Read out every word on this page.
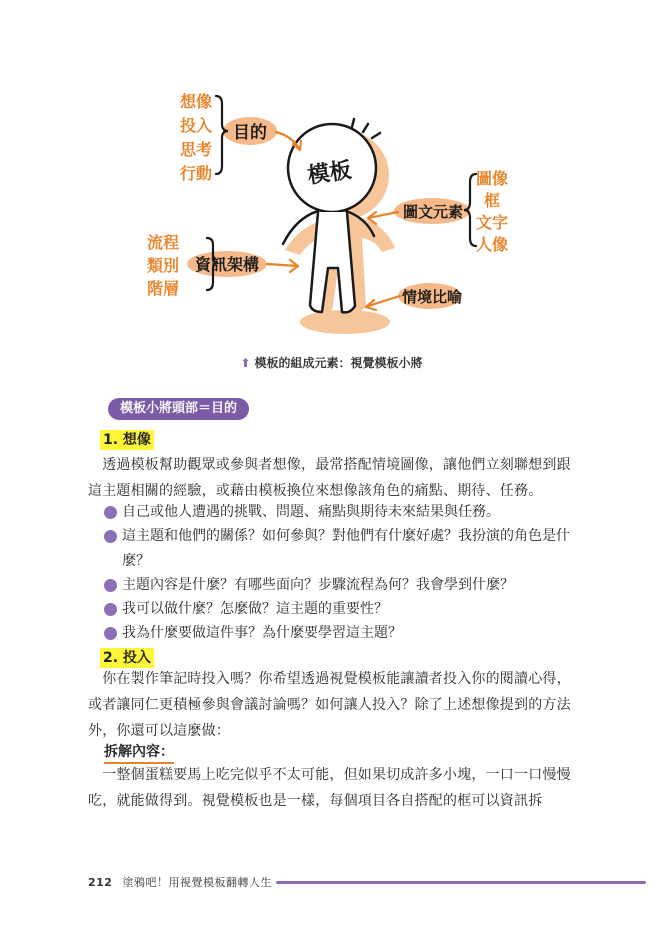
模板
想像
投入
思考
行動
目的
流程
類別
階層
資訊架構
圖文元素
圖像
框
文字
人像
情境比喻
⬆ 模板的組成元素：視覺模板小將
模板小將頭部＝目的
1. 想像
　透過模板幫助觀眾或參與者想像，最常搭配情境圖像，讓他們立刻聯想到跟這主題相關的經驗，或藉由模板換位來想像該角色的痛點、期待、任務。
自己或他人遭遇的挑戰、問題、痛點與期待未來結果與任務。
這主題和他們的關係？如何參與？對他們有什麼好處？我扮演的角色是什麼？
主題內容是什麼？有哪些面向？步驟流程為何？我會學到什麼？
我可以做什麼？怎麼做？這主題的重要性？
我為什麼要做這件事？為什麼要學習這主題？
2. 投入
　你在製作筆記時投入嗎？你希望透過視覺模板能讓讀者投入你的閱讀心得，或者讓同仁更積極參與會議討論嗎？如何讓人投入？除了上述想像提到的方法外，你還可以這麼做：
拆解內容：
　一整個蛋糕要馬上吃完似乎不太可能，但如果切成許多小塊，一口一口慢慢吃，就能做得到。視覺模板也是一樣，每個項目各自搭配的框可以資訊拆
212 塗鴉吧！用視覺模板翻轉人生
